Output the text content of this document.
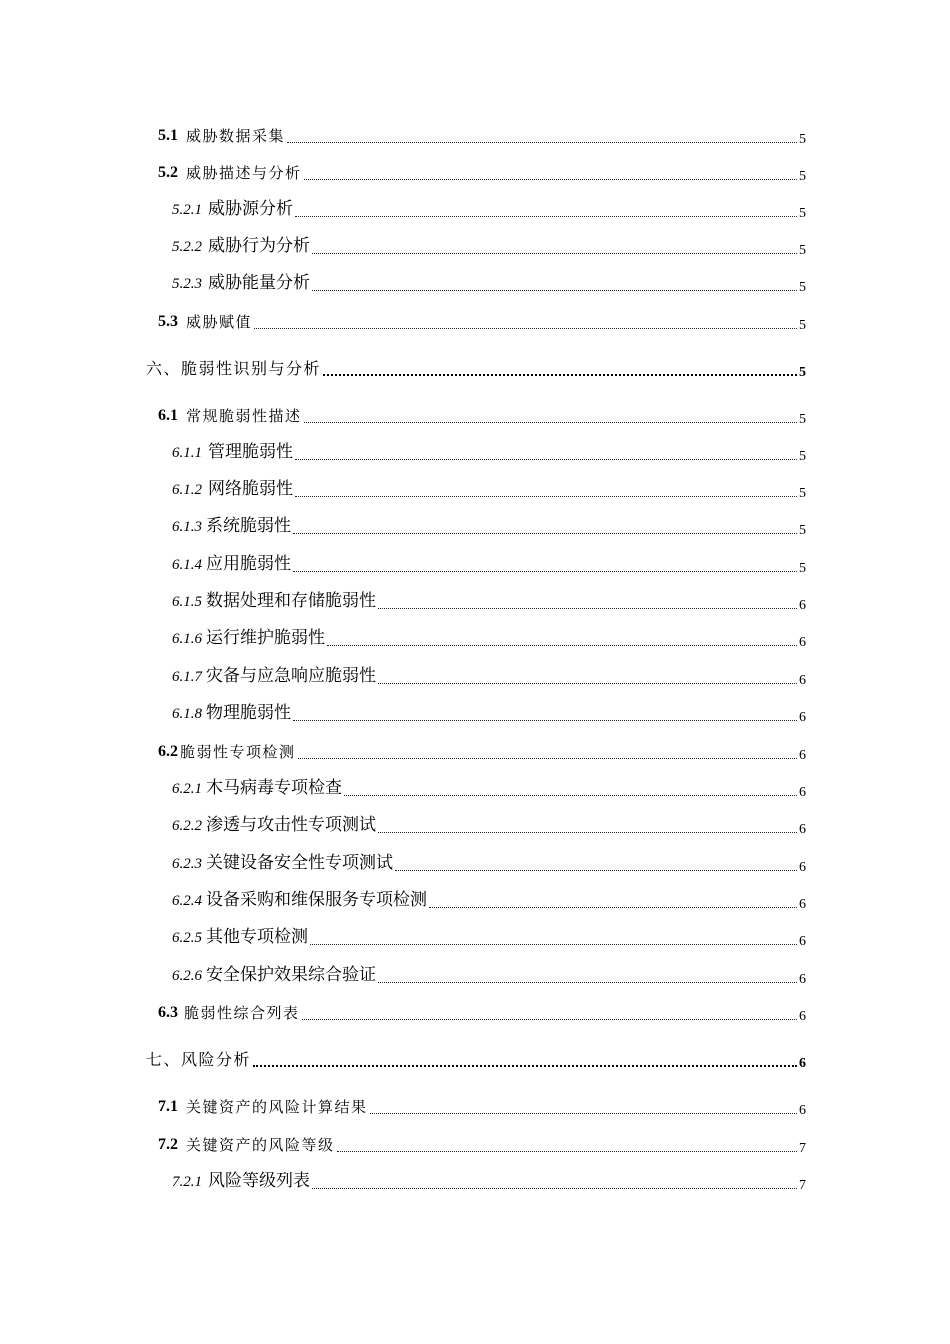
5.1 威胁数据采集	5
5.2 威胁描述与分析	5
5.2.1 威胁源分析	5
5.2.2 威胁行为分析	5
5.2.3 威胁能量分析	5
5.3 威胁赋值	5
六、脆弱性识别与分析	5
6.1 常规脆弱性描述	5
6.1.1 管理脆弱性	5
6.1.2 网络脆弱性	5
6.1.3 系统脆弱性	5
6.1.4 应用脆弱性	5
6.1.5 数据处理和存储脆弱性	6
6.1.6 运行维护脆弱性	6
6.1.7 灾备与应急响应脆弱性	6
6.1.8 物理脆弱性	6
6.2 脆弱性专项检测	6
6.2.1 木马病毒专项检查	6
6.2.2 渗透与攻击性专项测试	6
6.2.3 关键设备安全性专项测试	6
6.2.4 设备采购和维保服务专项检测	6
6.2.5 其他专项检测	6
6.2.6 安全保护效果综合验证	6
6.3 脆弱性综合列表	6
七、风险分析	6
7.1 关键资产的风险计算结果	6
7.2 关键资产的风险等级	7
7.2.1 风险等级列表	7
